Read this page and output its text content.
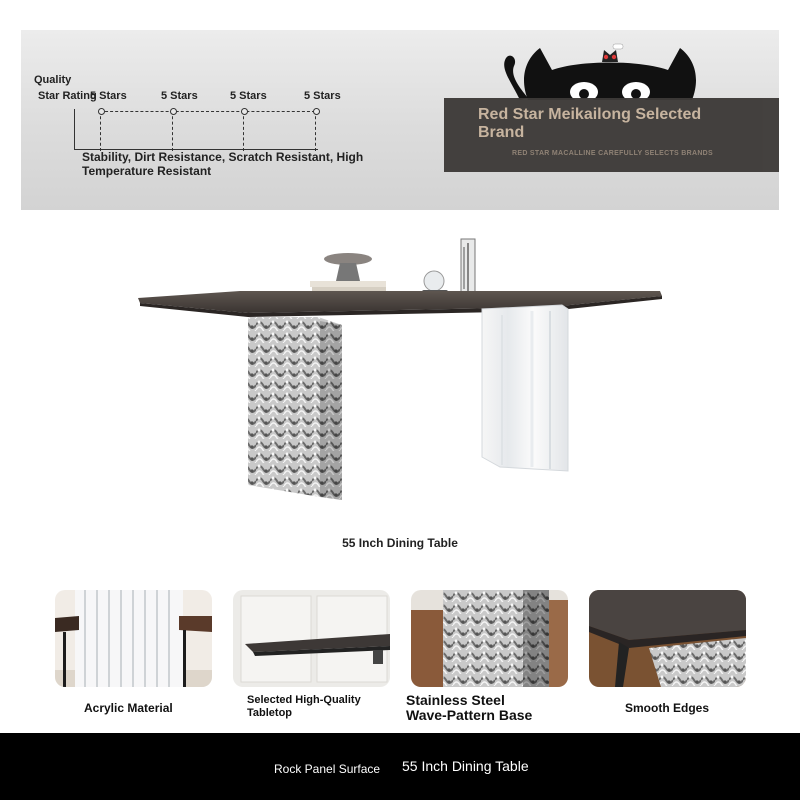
Quality
Star Rating
5 Stars	5 Stars	5 Stars	5 Stars
Stability, Dirt Resistance, Scratch Resistant, High Temperature Resistant
Red Star Meikailong Selected Brand
RED STAR MACALLINE CAREFULLY SELECTS BRANDS
55 Inch Dining Table
Acrylic Material
Selected High-Quality Tabletop
Stainless Steel Wave-Pattern Base	Smooth Edges
Rock Panel Surface 55 Inch Dining Table
